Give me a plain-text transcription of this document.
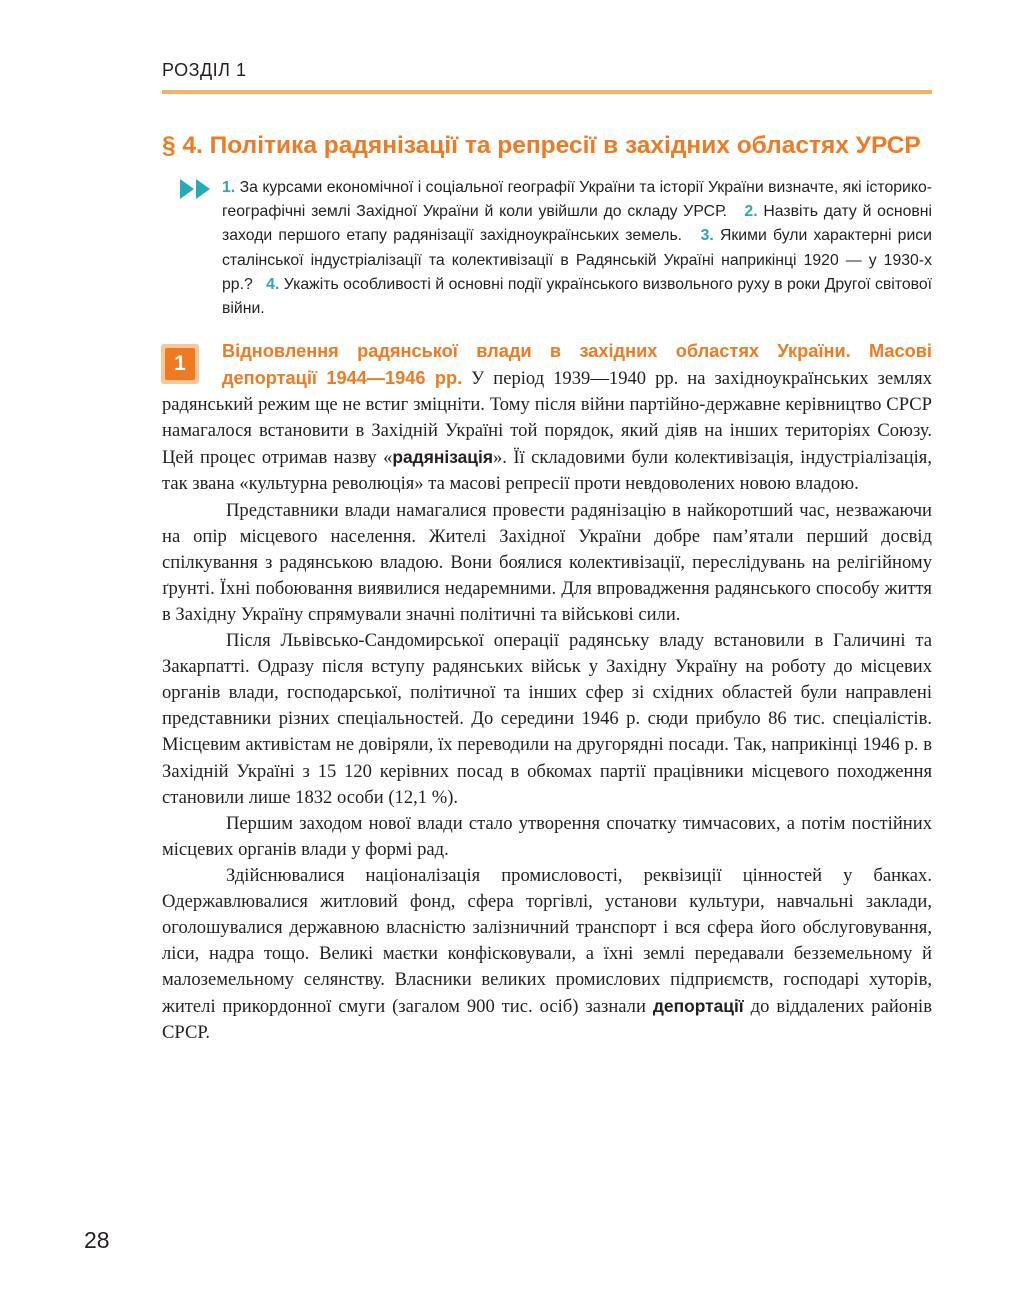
РОЗДІЛ 1
§ 4. Політика радянізації та репресії в західних областях УРСР
1. За курсами економічної і соціальної географії України та історії України визначте, які історико-географічні землі Західної України й коли увійшли до складу УРСР. 2. Назвіть дату й основні заходи першого етапу радянізації західноукраїнських земель. 3. Якими були характерні риси сталінської індустріалізації та колективізації в Радянській Україні наприкінці 1920 — у 1930-х рр.? 4. Укажіть особливості й основні події українського визвольного руху в роки Другої світової війни.
1

Відновлення радянської влади в західних областях України. Масові депортації 1944—1946 рр. У період 1939—1940 рр. на західноукраїнських землях радянський режим ще не встиг зміцніти. Тому після війни партійно-державне керівництво СРСР намагалося встановити в Західній Україні той порядок, який діяв на інших територіях Союзу. Цей процес отримав назву «радянізація». Її складовими були колективізація, індустріалізація, так звана «культурна революція» та масові репресії проти невдоволених новою владою.

Представники влади намагалися провести радянізацію в найкоротший час, незважаючи на опір місцевого населення. Жителі Західної України добре пам’ятали перший досвід спілкування з радянською владою. Вони боялися колективізації, переслідувань на релігійному ґрунті. Їхні побоювання виявилися недаремними. Для впровадження радянського способу життя в Західну Україну спрямували значні політичні та військові сили.

Після Львівсько-Сандомирської операції радянську владу встановили в Галичині та Закарпатті. Одразу після вступу радянських військ у Західну Україну на роботу до місцевих органів влади, господарської, політичної та інших сфер зі східних областей були направлені представники різних спеціальностей. До середини 1946 р. сюди прибуло 86 тис. спеціалістів. Місцевим активістам не довіряли, їх переводили на другорядні посади. Так, наприкінці 1946 р. в Західній Україні з 15 120 керівних посад в обкомах партії працівники місцевого походження становили лише 1832 особи (12,1 %).

Першим заходом нової влади стало утворення спочатку тимчасових, а потім постійних місцевих органів влади у формі рад.

Здійснювалися націоналізація промисловості, реквізиції цінностей у банках. Одержавлювалися житловий фонд, сфера торгівлі, установи культури, навчальні заклади, оголошувалися державною власністю залізничний транспорт і вся сфера його обслуговування, ліси, надра тощо. Великі маєтки конфісковували, а їхні землі передавали безземельному й малоземельному селянству. Власники великих промислових підприємств, господарі хуторів, жителі прикордонної смуги (загалом 900 тис. осіб) зазнали депортації до віддалених районів СРСР.

28
